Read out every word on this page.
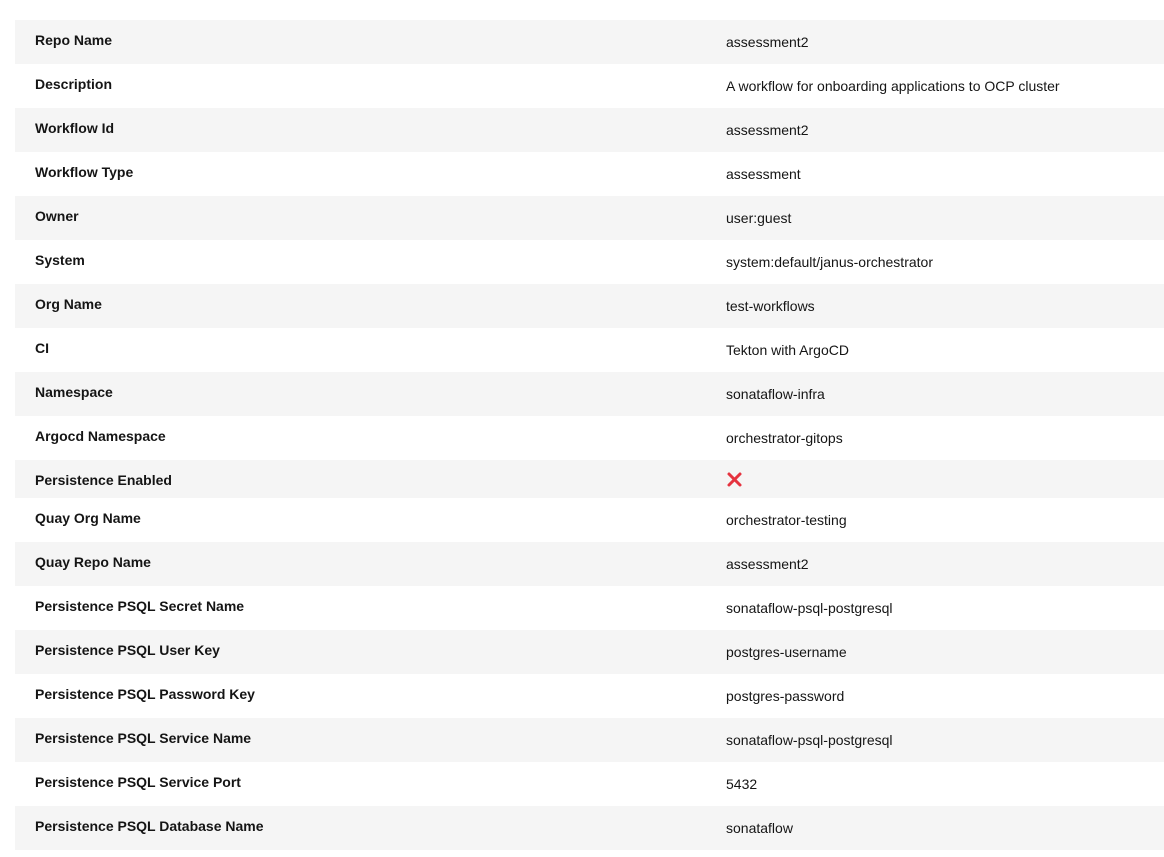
Repo Name	assessment2
Description	A workflow for onboarding applications to OCP cluster
Workflow Id	assessment2
Workflow Type	assessment
Owner	user:guest
System	system:default/janus-orchestrator
Org Name	test-workflows
CI	Tekton with ArgoCD
Namespace	sonataflow-infra
Argocd Namespace	orchestrator-gitops
Persistence Enabled
Quay Org Name	orchestrator-testing
Quay Repo Name	assessment2
Persistence PSQL Secret Name	sonataflow-psql-postgresql
Persistence PSQL User Key	postgres-username
Persistence PSQL Password Key	postgres-password
Persistence PSQL Service Name	sonataflow-psql-postgresql
Persistence PSQL Service Port	5432
Persistence PSQL Database Name	sonataflow
